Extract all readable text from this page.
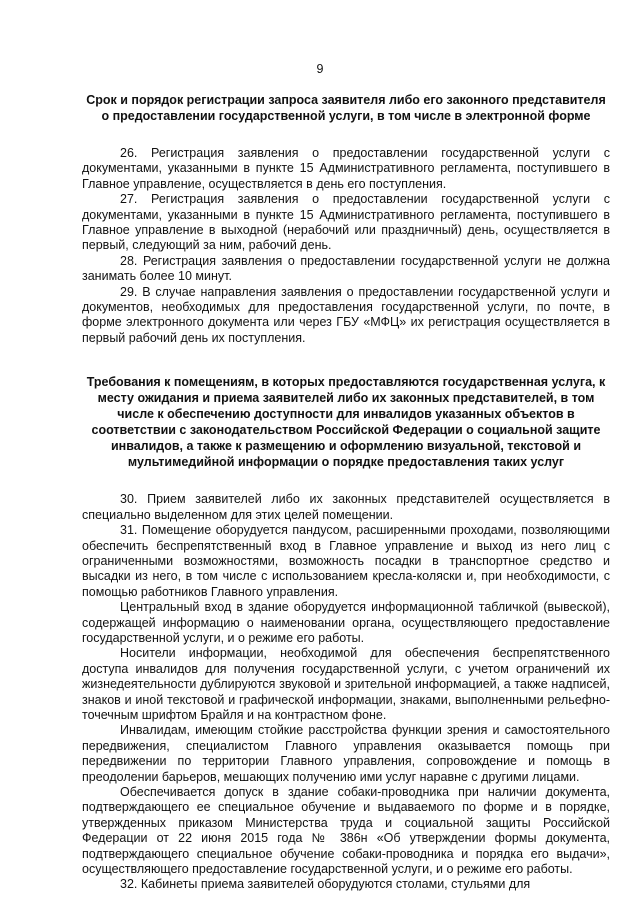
9
Срок и порядок регистрации запроса заявителя либо его законного представителя о предоставлении государственной услуги, в том числе в электронной форме

26. Регистрация заявления о предоставлении государственной услуги с документами, указанными в пункте 15 Административного регламента, поступившего в Главное управление, осуществляется в день его поступления.

27. Регистрация заявления о предоставлении государственной услуги с документами, указанными в пункте 15 Административного регламента, поступившего в Главное управление в выходной (нерабочий или праздничный) день, осуществляется в первый, следующий за ним, рабочий день.

28. Регистрация заявления о предоставлении государственной услуги не должна занимать более 10 минут.

29. В случае направления заявления о предоставлении государственной услуги и документов, необходимых для предоставления государственной услуги, по почте, в форме электронного документа или через ГБУ «МФЦ» их регистрация осуществляется в первый рабочий день их поступления.

Требования к помещениям, в которых предоставляются государственная услуга, к месту ожидания и приема заявителей либо их законных представителей, в том числе к обеспечению доступности для инвалидов указанных объектов в соответствии с законодательством Российской Федерации о социальной защите инвалидов, а также к размещению и оформлению визуальной, текстовой и мультимедийной информации о порядке предоставления таких услуг

30. Прием заявителей либо их законных представителей осуществляется в специально выделенном для этих целей помещении.

31. Помещение оборудуется пандусом, расширенными проходами, позволяющими обеспечить беспрепятственный вход в Главное управление и выход из него лиц с ограниченными возможностями, возможность посадки в транспортное средство и высадки из него, в том числе с использованием кресла-коляски и, при необходимости, с помощью работников Главного управления.

Центральный вход в здание оборудуется информационной табличкой (вывеской), содержащей информацию о наименовании органа, осуществляющего предоставление государственной услуги, и о режиме его работы.

Носители информации, необходимой для обеспечения беспрепятственного доступа инвалидов для получения государственной услуги, с учетом ограничений их жизнедеятельности дублируются звуковой и зрительной информацией, а также надписей, знаков и иной текстовой и графической информации, знаками, выполненными рельефно-точечным шрифтом Брайля и на контрастном фоне.

Инвалидам, имеющим стойкие расстройства функции зрения и самостоятельного передвижения, специалистом Главного управления оказывается помощь при передвижении по территории Главного управления, сопровождение и помощь в преодолении барьеров, мешающих получению ими услуг наравне с другими лицами.

Обеспечивается допуск в здание собаки-проводника при наличии документа, подтверждающего ее специальное обучение и выдаваемого по форме и в порядке, утвержденных приказом Министерства труда и социальной защиты Российской Федерации от 22 июня 2015 года № 386н «Об утверждении формы документа, подтверждающего специальное обучение собаки-проводника и порядка его выдачи», осуществляющего предоставление государственной услуги, и о режиме его работы.

32. Кабинеты приема заявителей оборудуются столами, стульями для
